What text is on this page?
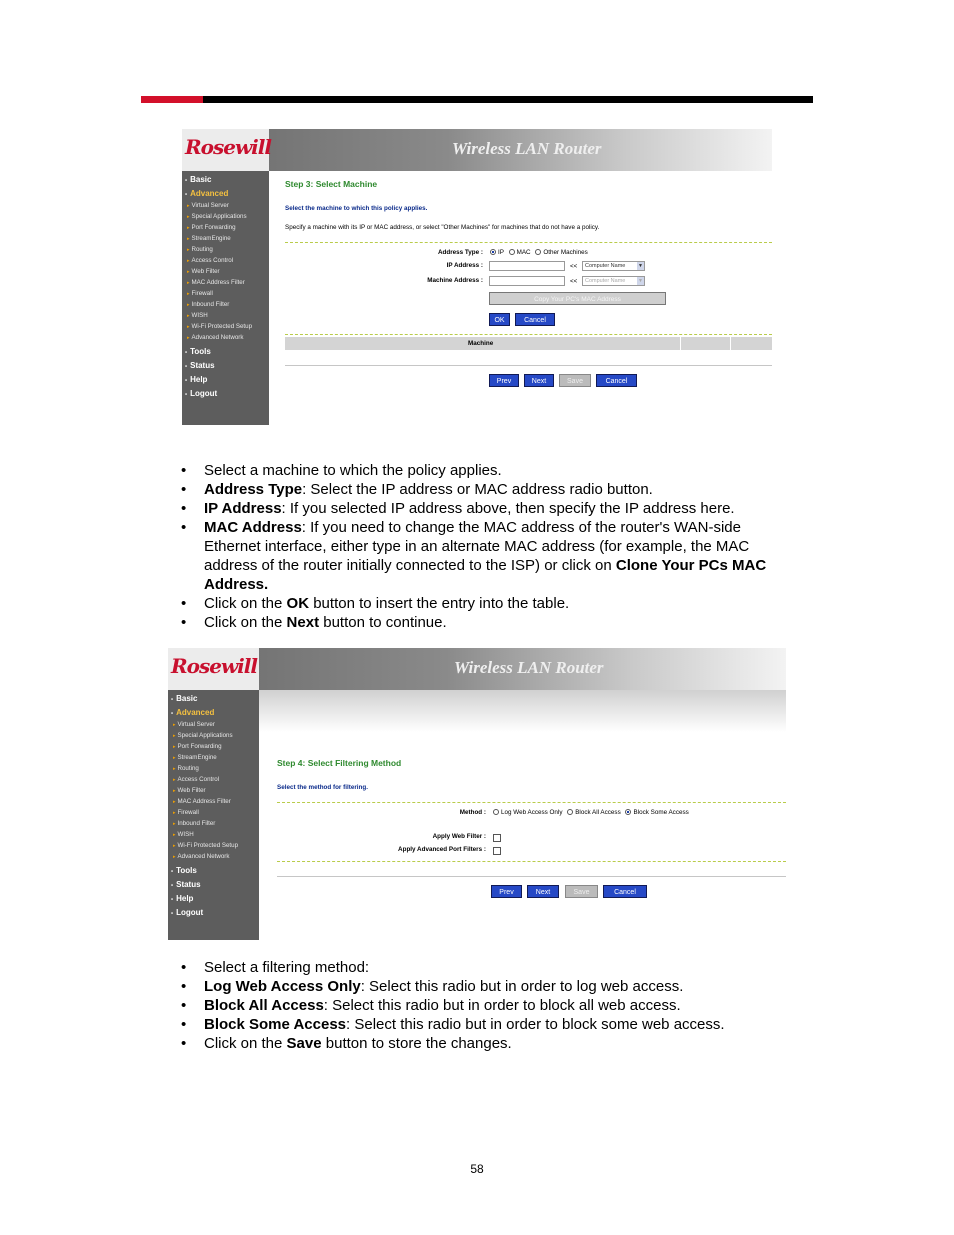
Rosewill	Wireless LAN Router
• Basic
• Advanced
▸ Virtual Server
▸ Special Applications
▸ Port Forwarding
▸ StreamEngine
▸ Routing
▸ Access Control
▸ Web Filter
▸ MAC Address Filter
▸ Firewall
▸ Inbound Filter
▸ WISH
▸ Wi-Fi Protected Setup
▸ Advanced Network
• Tools
• Status
• Help
• Logout
Step 3: Select Machine
Select the machine to which this policy applies.
Specify a machine with its IP or MAC address, or select "Other Machines" for machines that do not have a policy.
Address Type :	IP MAC Other Machines
IP Address :	<<	Computer Name	▼
Machine Address :	<<	Computer Name	▼
Copy Your PC's MAC Address
OK	Cancel
Machine
Prev	Next	Save	Cancel
• Select a machine to which the policy applies.
• Address Type: Select the IP address or MAC address radio button.
• IP Address: If you selected IP address above, then specify the IP address here.
• MAC Address: If you need to change the MAC address of the router's WAN-side Ethernet interface, either type in an alternate MAC address (for example, the MAC address of the router initially connected to the ISP) or click on Clone Your PCs MAC Address.
• Click on the OK button to insert the entry into the table.
• Click on the Next button to continue.
Rosewill	Wireless LAN Router
• Basic
• Advanced
▸ Virtual Server
▸ Special Applications
▸ Port Forwarding
▸ StreamEngine
▸ Routing
▸ Access Control
▸ Web Filter
▸ MAC Address Filter
▸ Firewall
▸ Inbound Filter
▸ WISH
▸ Wi-Fi Protected Setup
▸ Advanced Network
• Tools
• Status
• Help
• Logout
Step 4: Select Filtering Method
Select the method for filtering.
Method :	Log Web Access Only Block All Access Block Some Access
Apply Web Filter :
Apply Advanced Port Filters :
Prev	Next	Save	Cancel
• Select a filtering method:
• Log Web Access Only: Select this radio but in order to log web access.
• Block All Access: Select this radio but in order to block all web access.
• Block Some Access: Select this radio but in order to block some web access.
• Click on the Save button to store the changes.
58
